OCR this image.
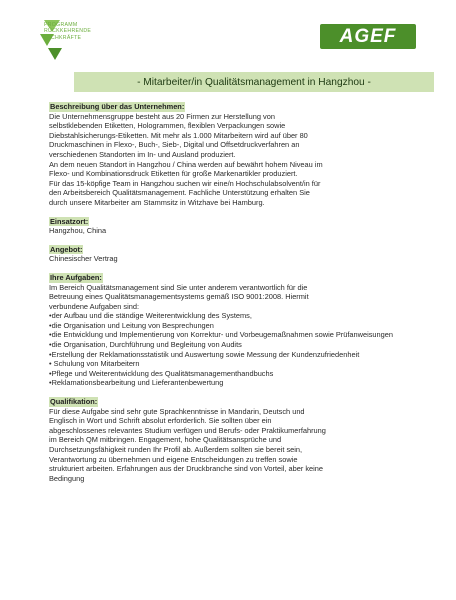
PROGRAMM
RÜCKKEHRENDE
FACHKRÄFTE	AGEF
- Mitarbeiter/in Qualitätsmanagement in Hangzhou -
Beschreibung über das Unternehmen:

Die Unternehmensgruppe besteht aus 20 Firmen zur Herstellung von

selbstklebenden Etiketten, Hologrammen, flexiblen Verpackungen sowie

Diebstahlsicherungs-Etiketten. Mit mehr als 1.000 Mitarbeitern wird auf über 80

Druckmaschinen in Flexo-, Buch-, Sieb-, Digital und Offsetdruckverfahren an

verschiedenen Standorten im In- und Ausland produziert.

An dem neuen Standort in Hangzhou / China werden auf bewährt hohem Niveau im

Flexo- und Kombinationsdruck Etiketten für große Markenartikler produziert.

Für das 15-köpfige Team in Hangzhou suchen wir eine/n Hochschulabsolvent/in für

den Arbeitsbereich Qualitätsmanagement. Fachliche Unterstützung erhalten Sie

durch unsere Mitarbeiter am Stammsitz in Witzhave bei Hamburg.

Einsatzort:

Hangzhou, China

Angebot:

Chinesischer Vertrag

Ihre Aufgaben:

Im Bereich Qualitätsmanagement sind Sie unter anderem verantwortlich für die

Betreuung eines Qualitätsmanagementsystems gemäß ISO 9001:2008. Hiermit

verbundene Aufgaben sind:

•der Aufbau und die ständige Weiterentwicklung des Systems,

•die Organisation und Leitung von Besprechungen

•die Entwicklung und Implementierung von Korrektur- und Vorbeugemaßnahmen sowie Prüfanweisungen

•die Organisation, Durchführung und Begleitung von Audits

•Erstellung der Reklamationsstatistik und Auswertung sowie Messung der Kundenzufriedenheit

• Schulung von Mitarbeitern

•Pflege und Weiterentwicklung des Qualitätsmanagementhandbuchs

•Reklamationsbearbeitung und Lieferantenbewertung

Qualifikation:

Für diese Aufgabe sind sehr gute Sprachkenntnisse in Mandarin, Deutsch und

Englisch in Wort und Schrift absolut erforderlich. Sie sollten über ein

abgeschlossenes relevantes Studium verfügen und Berufs- oder Praktikumerfahrung

im Bereich QM mitbringen. Engagement, hohe Qualitätsansprüche und

Durchsetzungsfähigkeit runden Ihr Profil ab. Außerdem sollten sie bereit sein,

Verantwortung zu übernehmen und eigene Entscheidungen zu treffen sowie

strukturiert arbeiten. Erfahrungen aus der Druckbranche sind von Vorteil, aber keine

Bedingung
